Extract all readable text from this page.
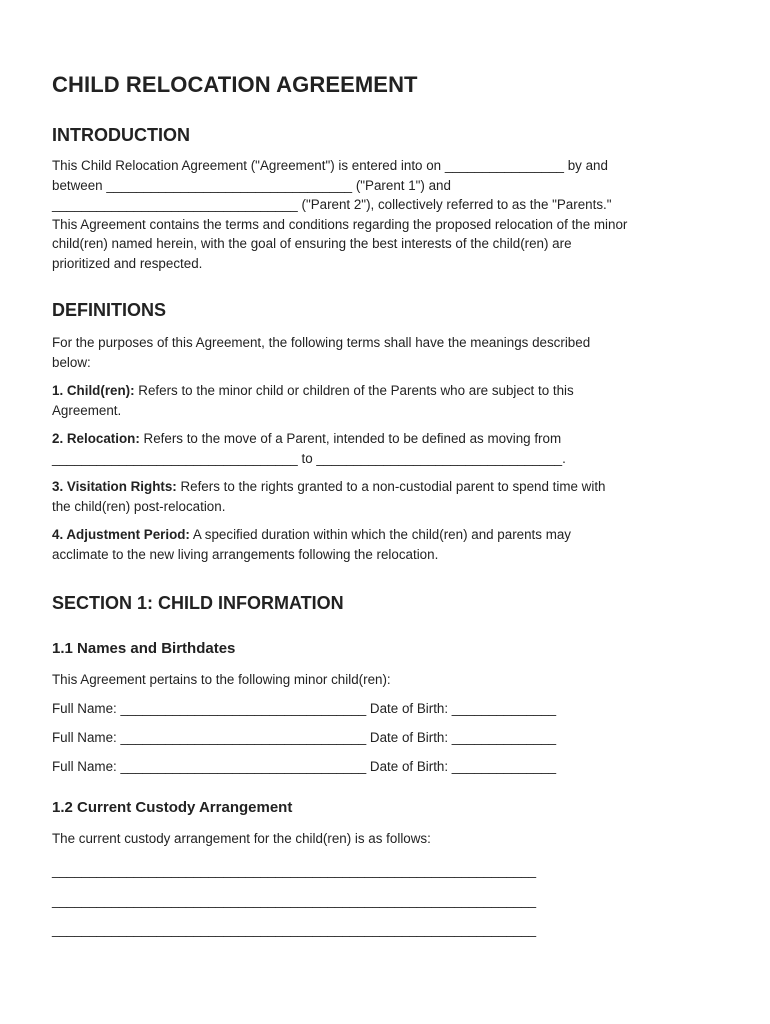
CHILD RELOCATION AGREEMENT
INTRODUCTION

This Child Relocation Agreement ("Agreement") is entered into on ________________ by and

between _________________________________ ("Parent 1") and

_________________________________ ("Parent 2"), collectively referred to as the "Parents."

This Agreement contains the terms and conditions regarding the proposed relocation of the minor

child(ren) named herein, with the goal of ensuring the best interests of the child(ren) are

prioritized and respected.

DEFINITIONS

For the purposes of this Agreement, the following terms shall have the meanings described

below:

1. Child(ren): Refers to the minor child or children of the Parents who are subject to this

Agreement.

2. Relocation: Refers to the move of a Parent, intended to be defined as moving from

_________________________________ to _________________________________.

3. Visitation Rights: Refers to the rights granted to a non-custodial parent to spend time with

the child(ren) post-relocation.

4. Adjustment Period: A specified duration within which the child(ren) and parents may

acclimate to the new living arrangements following the relocation.

SECTION 1: CHILD INFORMATION
1.1 Names and Birthdates

This Agreement pertains to the following minor child(ren):

Full Name: _________________________________ Date of Birth: ______________

Full Name: _________________________________ Date of Birth: ______________

Full Name: _________________________________ Date of Birth: ______________

1.2 Current Custody Arrangement

The current custody arrangement for the child(ren) is as follows:

_________________________________________________________________

_________________________________________________________________

_________________________________________________________________
